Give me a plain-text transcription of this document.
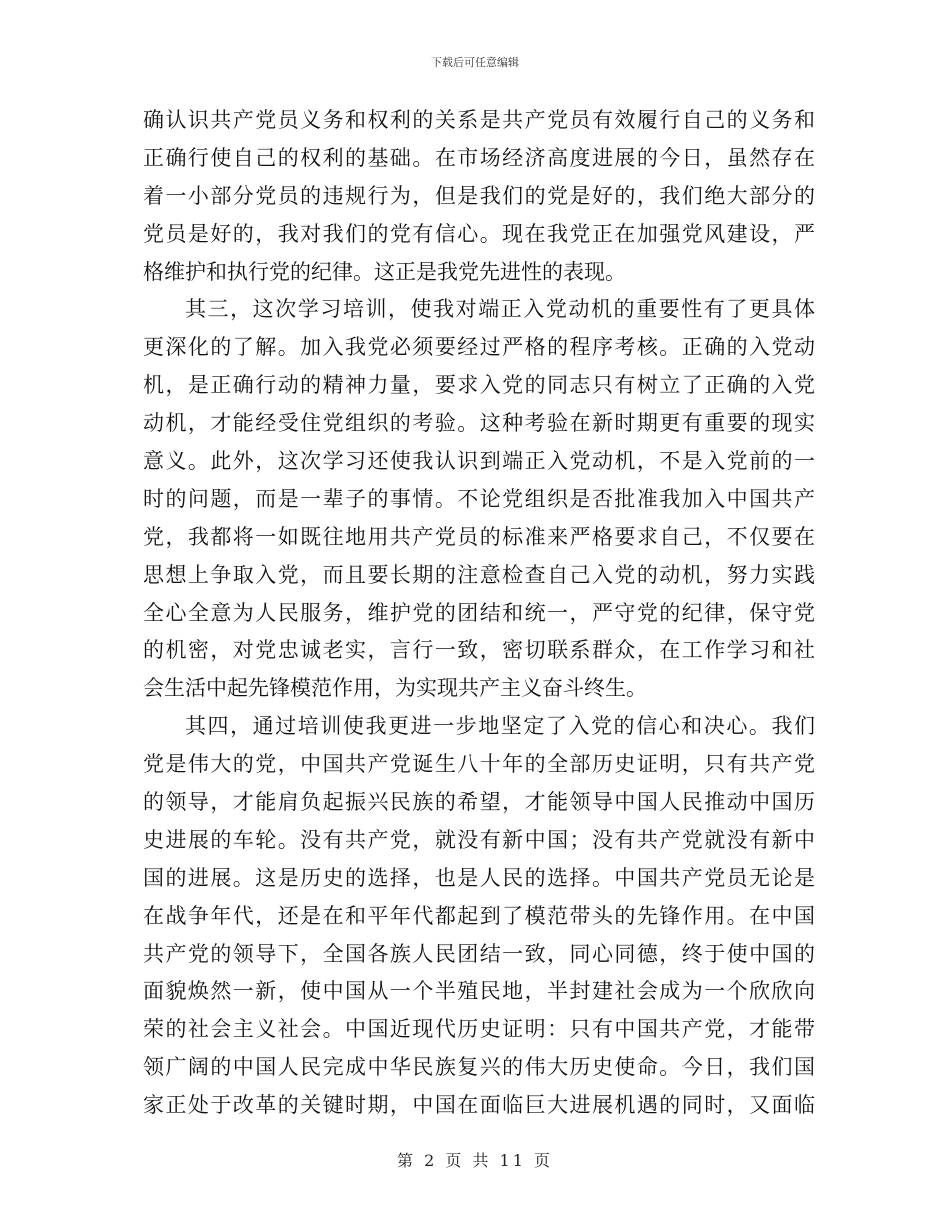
下载后可任意编辑
确认识共产党员义务和权利的关系是共产党员有效履行自己的义务和
正确行使自己的权利的基础。在市场经济高度进展的今日，虽然存在
着一小部分党员的违规行为，但是我们的党是好的，我们绝大部分的
党员是好的，我对我们的党有信心。现在我党正在加强党风建设，严
格维护和执行党的纪律。这正是我党先进性的表现。
其三，这次学习培训，使我对端正入党动机的重要性有了更具体
更深化的了解。加入我党必须要经过严格的程序考核。正确的入党动
机，是正确行动的精神力量，要求入党的同志只有树立了正确的入党
动机，才能经受住党组织的考验。这种考验在新时期更有重要的现实
意义。此外，这次学习还使我认识到端正入党动机，不是入党前的一
时的问题，而是一辈子的事情。不论党组织是否批准我加入中国共产
党，我都将一如既往地用共产党员的标准来严格要求自己，不仅要在
思想上争取入党，而且要长期的注意检查自己入党的动机，努力实践
全心全意为人民服务，维护党的团结和统一，严守党的纪律，保守党
的机密，对党忠诚老实，言行一致，密切联系群众，在工作学习和社
会生活中起先锋模范作用，为实现共产主义奋斗终生。
其四，通过培训使我更进一步地坚定了入党的信心和决心。我们
党是伟大的党，中国共产党诞生八十年的全部历史证明，只有共产党
的领导，才能肩负起振兴民族的希望，才能领导中国人民推动中国历
史进展的车轮。没有共产党，就没有新中国；没有共产党就没有新中
国的进展。这是历史的选择，也是人民的选择。中国共产党员无论是
在战争年代，还是在和平年代都起到了模范带头的先锋作用。在中国
共产党的领导下，全国各族人民团结一致，同心同德，终于使中国的
面貌焕然一新，使中国从一个半殖民地，半封建社会成为一个欣欣向
荣的社会主义社会。中国近现代历史证明：只有中国共产党，才能带
领广阔的中国人民完成中华民族复兴的伟大历史使命。今日，我们国
家正处于改革的关键时期，中国在面临巨大进展机遇的同时，又面临
第 2 页 共 11 页
